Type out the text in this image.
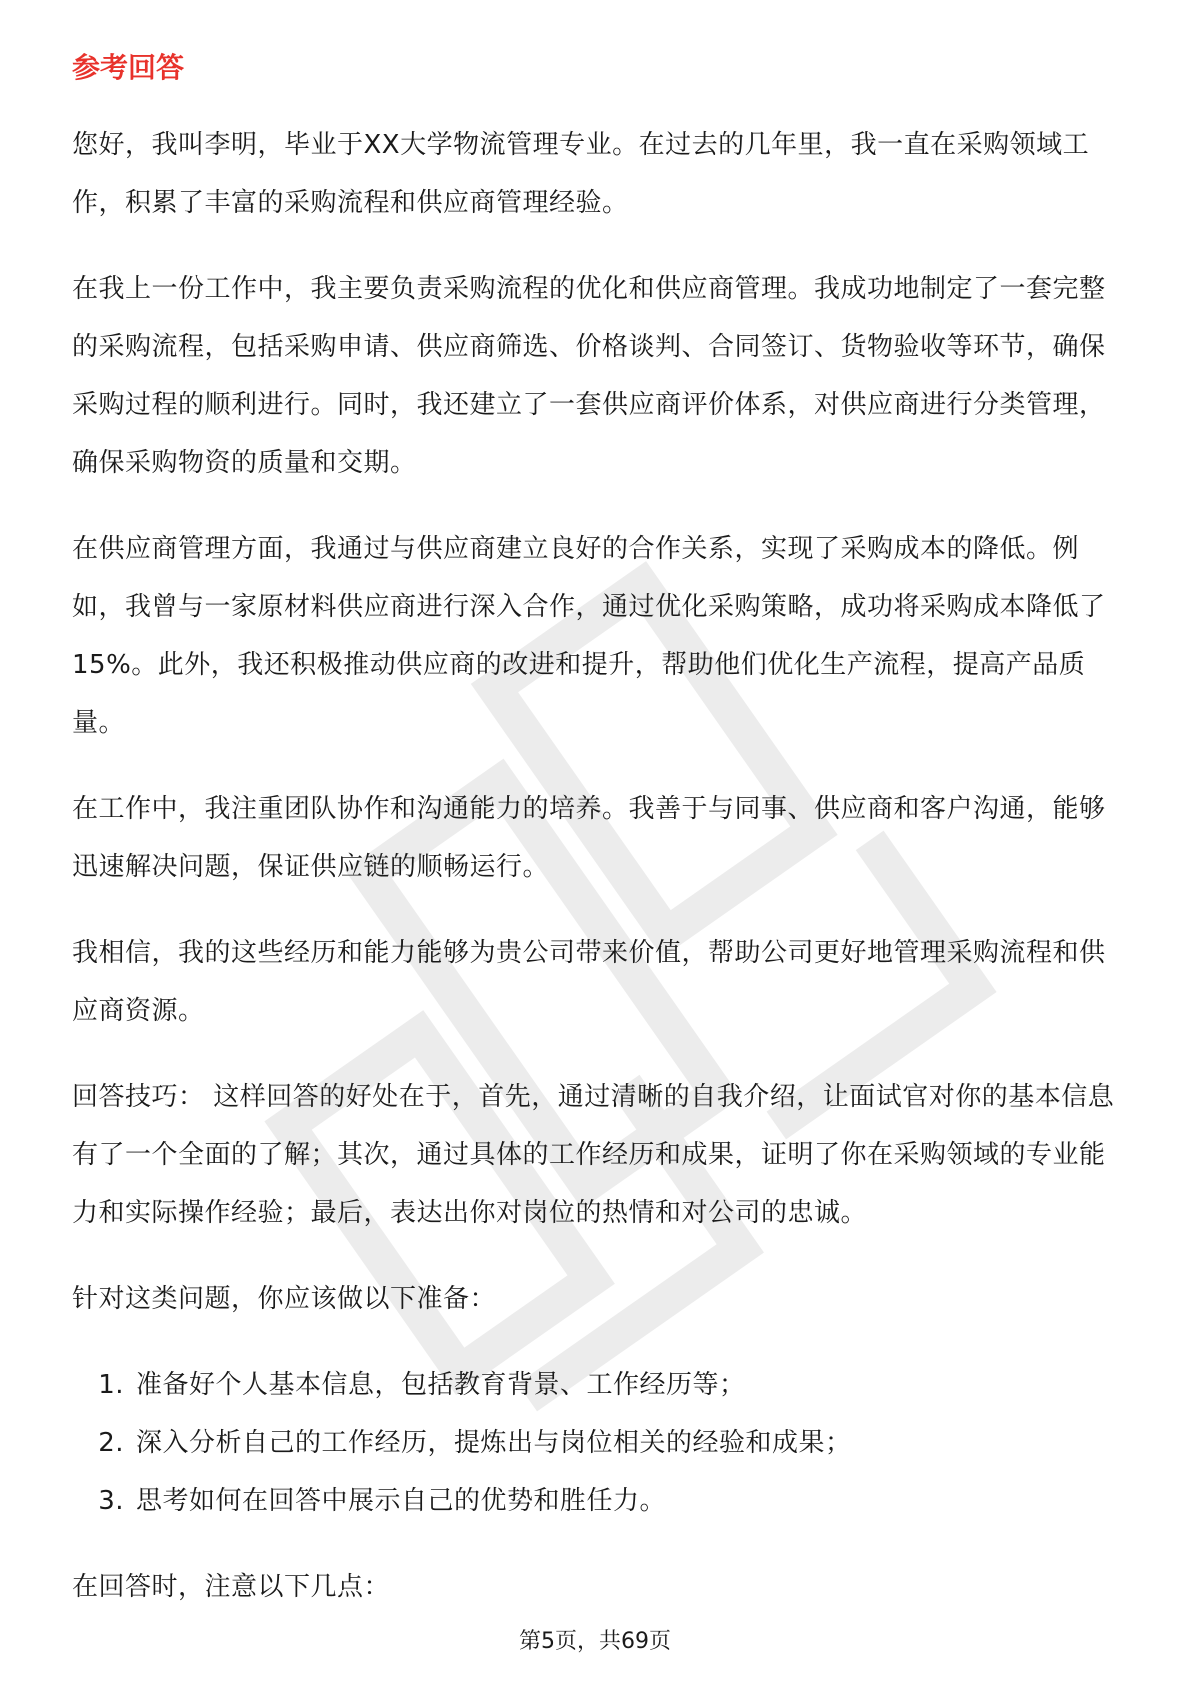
参考回答

您好，我叫李明，毕业于XX大学物流管理专业。在过去的几年里，我一直在采购领域工作，积累了丰富的采购流程和供应商管理经验。

在我上一份工作中，我主要负责采购流程的优化和供应商管理。我成功地制定了一套完整的采购流程，包括采购申请、供应商筛选、价格谈判、合同签订、货物验收等环节，确保采购过程的顺利进行。同时，我还建立了一套供应商评价体系，对供应商进行分类管理，确保采购物资的质量和交期。

在供应商管理方面，我通过与供应商建立良好的合作关系，实现了采购成本的降低。例如，我曾与一家原材料供应商进行深入合作，通过优化采购策略，成功将采购成本降低了15%。此外，我还积极推动供应商的改进和提升，帮助他们优化生产流程，提高产品质量。

在工作中，我注重团队协作和沟通能力的培养。我善于与同事、供应商和客户沟通，能够迅速解决问题，保证供应链的顺畅运行。

我相信，我的这些经历和能力能够为贵公司带来价值，帮助公司更好地管理采购流程和供应商资源。

回答技巧： 这样回答的好处在于，首先，通过清晰的自我介绍，让面试官对你的基本信息有了一个全面的了解；其次，通过具体的工作经历和成果，证明了你在采购领域的专业能力和实际操作经验；最后，表达出你对岗位的热情和对公司的忠诚。

针对这类问题，你应该做以下准备：

1. 准备好个人基本信息，包括教育背景、工作经历等；
2. 深入分析自己的工作经历，提炼出与岗位相关的经验和成果；
3. 思考如何在回答中展示自己的优势和胜任力。

在回答时，注意以下几点：

第5页，共69页
